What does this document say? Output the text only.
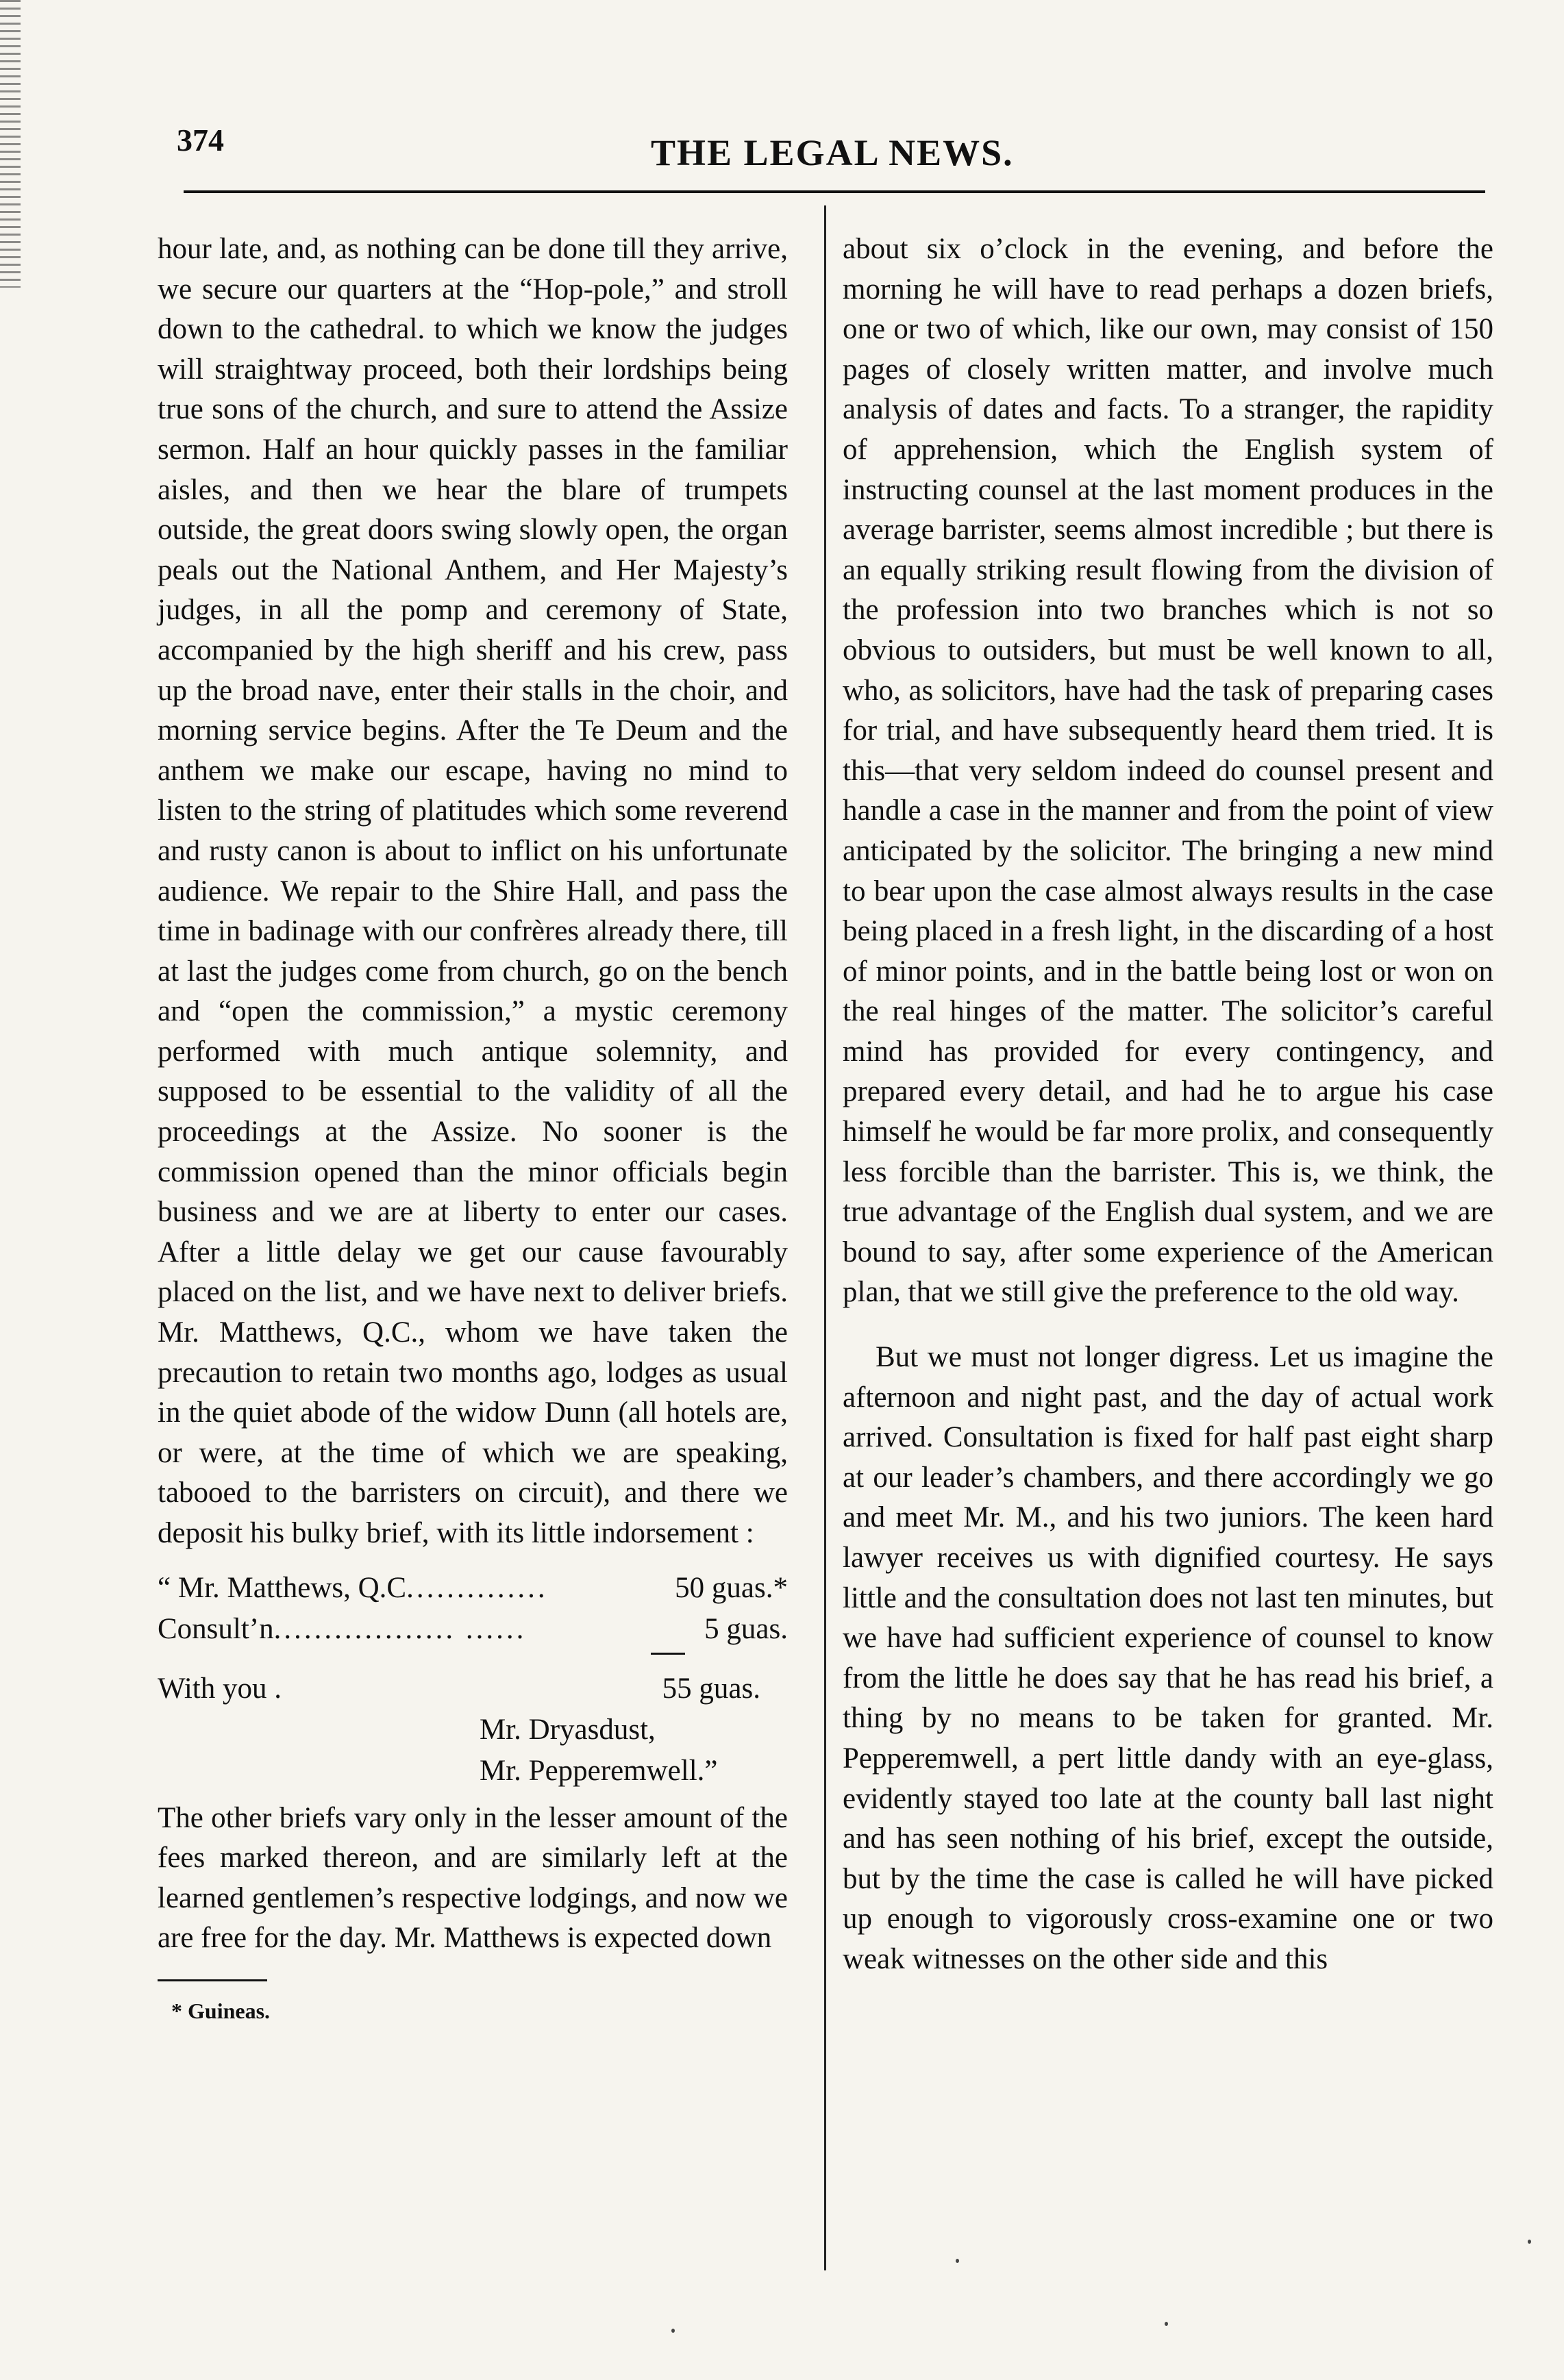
374	THE LEGAL NEWS.

hour late, and, as nothing can be done till they arrive, we secure our quarters at the “Hop-pole,” and stroll down to the cathedral. to which we know the judges will straightway proceed, both their lordships being true sons of the church, and sure to attend the Assize sermon. Half an hour quickly passes in the familiar aisles, and then we hear the blare of trumpets outside, the great doors swing slowly open, the organ peals out the National Anthem, and Her Majesty’s judges, in all the pomp and ceremony of State, accompanied by the high sheriff and his crew, pass up the broad nave, enter their stalls in the choir, and morning service begins. After the Te Deum and the anthem we make our escape, having no mind to listen to the string of platitudes which some reverend and rusty canon is about to inflict on his unfortunate audience. We repair to the Shire Hall, and pass the time in badinage with our confrères already there, till at last the judges come from church, go on the bench and “open the commission,” a mystic ceremony performed with much antique solemnity, and supposed to be essential to the validity of all the proceedings at the Assize. No sooner is the commission opened than the minor officials begin business and we are at liberty to enter our cases. After a little delay we get our cause favourably placed on the list, and we have next to deliver briefs. Mr. Matthews, Q.C., whom we have taken the precaution to retain two months ago, lodges as usual in the quiet abode of the widow Dunn (all hotels are, or were, at the time of which we are speaking, tabooed to the barristers on circuit), and there we deposit his bulky brief, with its little indorsement :

“ Mr. Matthews, Q.C ..............	50 guas.*
Consult’n .................. ......	5 guas.
With you .	55 guas.
Mr. Dryasdust,
Mr. Pepperemwell.”

The other briefs vary only in the lesser amount of the fees marked thereon, and are similarly left at the learned gentlemen’s respective lodgings, and now we are free for the day. Mr. Matthews is expected down

* Guineas.

about six o’clock in the evening, and before the morning he will have to read perhaps a dozen briefs, one or two of which, like our own, may consist of 150 pages of closely written matter, and involve much analysis of dates and facts. To a stranger, the rapidity of apprehension, which the English system of instructing counsel at the last moment produces in the average barrister, seems almost incredible ; but there is an equally striking result flowing from the division of the profession into two branches which is not so obvious to outsiders, but must be well known to all, who, as solicitors, have had the task of preparing cases for trial, and have subsequently heard them tried. It is this—that very seldom indeed do counsel present and handle a case in the manner and from the point of view anticipated by the solicitor. The bringing a new mind to bear upon the case almost always results in the case being placed in a fresh light, in the discarding of a host of minor points, and in the battle being lost or won on the real hinges of the matter. The solicitor’s careful mind has provided for every contingency, and prepared every detail, and had he to argue his case himself he would be far more prolix, and consequently less forcible than the barrister. This is, we think, the true advantage of the English dual system, and we are bound to say, after some experience of the American plan, that we still give the preference to the old way.

But we must not longer digress. Let us imagine the afternoon and night past, and the day of actual work arrived. Consultation is fixed for half past eight sharp at our leader’s chambers, and there accordingly we go and meet Mr. M., and his two juniors. The keen hard lawyer receives us with dignified courtesy. He says little and the consultation does not last ten minutes, but we have had sufficient experience of counsel to know from the little he does say that he has read his brief, a thing by no means to be taken for granted. Mr. Pepperemwell, a pert little dandy with an eye-glass, evidently stayed too late at the county ball last night and has seen nothing of his brief, except the outside, but by the time the case is called he will have picked up enough to vigorously cross-examine one or two weak witnesses on the other side and this
